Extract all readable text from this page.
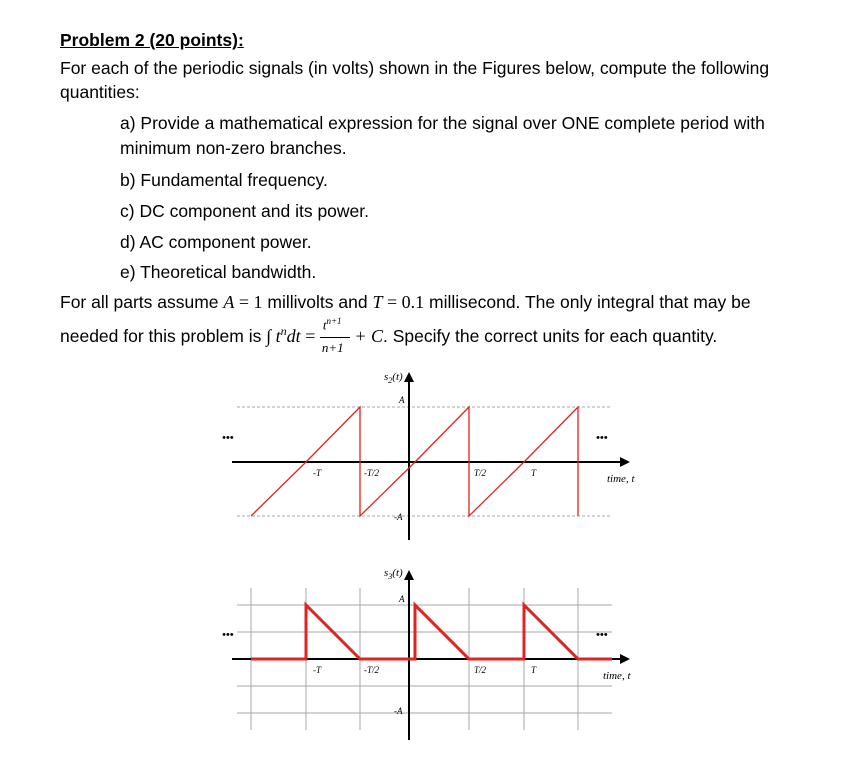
Problem 2 (20 points):
For each of the periodic signals (in volts) shown in the Figures below, compute the following
quantities:
a) Provide a mathematical expression for the signal over ONE complete period with
minimum non-zero branches.
b) Fundamental frequency.
c) DC component and its power.
d) AC component power.
e) Theoretical bandwidth.
For all parts assume A = 1 millivolts and T = 0.1 millisecond. The only integral that may be
needed for this problem is ∫ $t^ndt = \frac{t^{n+1}}{n+1} + C$. Specify the correct units for each quantity.
-T	-T/2	T/2	T
A
-A
time, t
$s_2(t)$
•••	•••
-T	-T/2	T/2	T
A
-A
time, t
$s_3(t)$
•••	•••
